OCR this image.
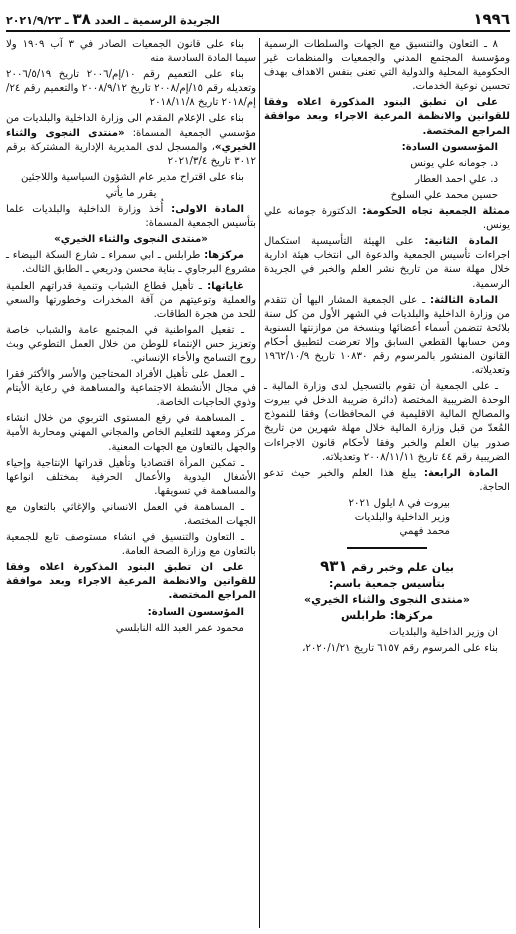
١٩٩٦
الجريدة الرسمية ـ العدد ٣٨ ـ ٢٠٢١/٩/٢٣

٨ ـ التعاون والتنسيق مع الجهات والسلطات الرسمية ومؤسسة المجتمع المدني والجمعيات والمنظمات غير الحكومية المحلية والدولية التي تعنى بنفس الاهداف بهدف تحسين نوعية الخدمات.

على ان تطبق البنود المذكورة اعلاه وفقا للقوانين والانظمة المرعية الاجراء وبعد موافقة المراجع المختصة.

المؤسسون السادة:

د. جومانه علي يونس

د. علي احمد العطار

حسين محمد علي السلوخ

ممثلة الجمعية تجاه الحكومة: الدكتورة جومانه علي يونس.

المادة الثانية: على الهيئة التأسيسية استكمال اجراءات تأسيس الجمعية والدعوة الى انتخاب هيئة ادارية خلال مهلة سنة من تاريخ نشر العلم والخبر في الجريدة الرسمية.

المادة الثالثة: ـ على الجمعية المشار اليها أن تتقدم من وزارة الداخلية والبلديات في الشهر الأول من كل سنة بلائحة تتضمن أسماء أعضائها وبنسخة من موازنتها السنوية ومن حسابها القطعي السابق وإلا تعرضت لتطبيق أحكام القانون المنشور بالمرسوم رقم ١٠٨٣٠ تاريخ ١٩٦٢/١٠/٩ وتعديلاته.

ـ على الجمعية أن تقوم بالتسجيل لدى وزارة المالية ـ الوحدة الضريبية المختصة (دائرة ضريبة الدخل في بيروت والمصالح المالية الاقليمية في المحافظات) وفقا للنموذج المُعدّ من قبل وزارة المالية خلال مهلة شهرين من تاريخ صدور بيان العلم والخبر وفقا لأحكام قانون الاجراءات الضريبية رقم ٤٤ تاريخ ٢٠٠٨/١١/١١ وتعديلاته.

المادة الرابعة: يبلغ هذا العلم والخبر حيث تدعو الحاجة.

بيروت في ٨ ايلول ٢٠٢١

وزير الداخلية والبلديات

محمد فهمي

بيان علم وخبر رقم ٩٣١

بتأسيس جمعية باسم:

«منتدى النجوى والثناء الخيري»

مركزها: طرابلس

ان وزير الداخلية والبلديات

بناء على المرسوم رقم ٦١٥٧ تاريخ ٢٠٢٠/١/٢١،

بناء على قانون الجمعيات الصادر في ٣ آب ١٩٠٩ ولا سيما المادة السادسة منه

بناء على التعميم رقم ١٠/إم/٢٠٠٦ تاريخ ٢٠٠٦/٥/١٩ وتعديله رقم ١٥/إم/٢٠٠٨ تاريخ ٢٠٠٨/٩/١٢ والتعميم رقم ٢٤/إم/٢٠١٨ تاريخ ٢٠١٨/١١/٨

بناء على الإعلام المقدم الى وزارة الداخلية والبلديات من مؤسسي الجمعية المسماة: «منتدى النجوى والثناء الخيري»، والمسجل لدى المديرية الإدارية المشتركة برقم ٣٠١٢ تاريخ ٢٠٢١/٣/٤

بناء على اقتراح مدير عام الشؤون السياسية واللاجئين

يقرر ما يأتي

المادة الاولى: أُخذ وزارة الداخلية والبلديات علما بتأسيس الجمعية المسماة:

«منتدى النجوى والثناء الخيري»

مركزها: طرابلس ـ ابي سمراء ـ شارع السكة البيضاء ـ مشروع البرجاوي ـ بناية محسن ودريعي ـ الطابق الثالث.

غاياتها: ـ تأهيل قطاع الشباب وتنمية قدراتهم العلمية والعملية وتوعيتهم من آفة المخدرات وخطورتها والسعي للحد من هجرة الطاقات.

ـ تفعيل المواطنية في المجتمع عامة والشباب خاصة وتعزيز حس الإنتماء للوطن من خلال العمل التطوعي وبث روح التسامح والأخاء الإنساني.

ـ العمل على تأهيل الأفراد المحتاجين والأسر والأكثر فقرا في مجال الأنشطة الاجتماعية والمساهمة في رعاية الأيتام وذوي الحاجيات الخاصة.

ـ المساهمة في رفع المستوى التربوي من خلال انشاء مركز ومعهد للتعليم الخاص والمجاني المهني ومحاربة الأمية والجهل بالتعاون مع الجهات المعنية.

ـ تمكين المرأة اقتصاديا وتأهيل قدراتها الإنتاجية وإحياء الأشغال اليدوية والأعمال الحرفية بمختلف انواعها والمساهمة في تسويقها.

ـ المساهمة في العمل الانساني والإغاثي بالتعاون مع الجهات المختصة.

ـ التعاون والتنسيق في انشاء مستوصف تابع للجمعية بالتعاون مع وزارة الصحة العامة.

على ان تطبق البنود المذكورة اعلاه وفقا للقوانين والانظمة المرعية الاجراء وبعد موافقة المراجع المختصة.

المؤسسون السادة:

محمود عمر العبد الله النابلسي
